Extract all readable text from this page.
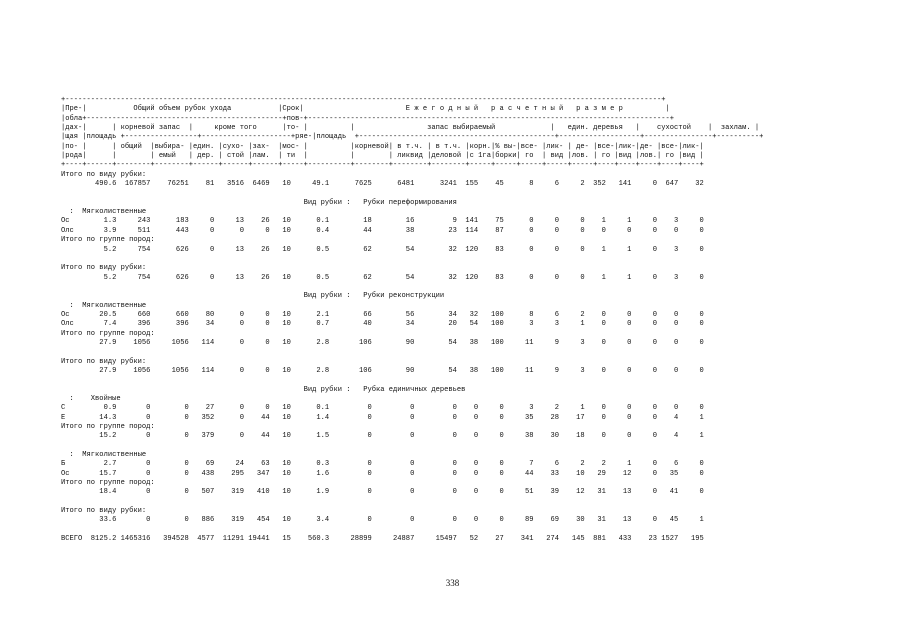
+--------------------------------------------------------------------------------------------------------------------------------------------+
|Пре-|           Общий объем рубок ухода           |Срок|                        Е ж е г о д н ы й   р а с ч е т н ы й   р а з м е р          |
|обла+----------------------------------------------+пов-+-------------------------------------------------------------------------------------+
|дах-|      | корневой запас  |     кроме того      |то- |          |                 запас выбираемый             |   един. деревья   |    сухостой    |  захлам. |
|щая |площадь +-----------------+---------------------+ряе-|площадь  +----------------------------------------------+-------------------+----------------+----------+
|по- |      | общий  |выбира- |един. |сухо- |зах-  |мос- |          |корневой| в т.ч. | в т.ч. |корн.|% вы-|все- |лик- | де- |все-|лик-|де- |все-|лик-|
|рода|      |        | емый   | дер. | стой |лам.  | ти  |          |        | ликвид |деловой |с 1га|борки| го  | вид |лов. | го |вид |лов.| го |вид |
+----+------+--------+--------+------+------+------+-----+----------+--------+--------+--------+-----+-----+-----+-----+-----+----+----+----+----+----+
Итого по виду рубки:
490.6  167857    76251    81   3516  6469   10     49.1      7625      6481      3241  155    45      8     6     2  352   141     0  647    32

Вид рубки :   Рубки переформирования
:  Мягколиственные
Ос        1.3     243      183     0     13    26   10      0.1        18        16         9  141    75      0     0     0    1     1     0    3     0
Олс       3.9     511      443     0      0     0   10      0.4        44        38        23  114    87      0     0     0    0     0     0    0     0
Итого по группе пород:
5.2     754      626     0     13    26   10      0.5        62        54        32  120    83      0     0     0    1     1     0    3     0

Итого по виду рубки:
5.2     754      626     0     13    26   10      0.5        62        54        32  120    83      0     0     0    1     1     0    3     0

Вид рубки :   Рубки реконструкции
:  Мягколиственные
Ос       20.5     660      660    80      0     0   10      2.1        66        56        34   32   100      8     6     2    0     0     0    0     0
Олс       7.4     396      396    34      0     0   10      0.7        40        34        20   54   100      3     3     1    0     0     0    0     0
Итого по группе пород:
27.9    1056     1056   114      0     0   10      2.8       106        90        54   38   100     11     9     3    0     0     0    0     0

Итого по виду рубки:
27.9    1056     1056   114      0     0   10      2.8       106        90        54   38   100     11     9     3    0     0     0    0     0

Вид рубки :   Рубка единичных деревьев
:    Хвойные
С         0.9       0        0    27      0     0   10      0.1         0         0         0    0     0      3     2     1    0     0     0    0     0
Е        14.3       0        0   352      0    44   10      1.4         0         0         0    0     0     35    28    17    0     0     0    4     1
Итого по группе пород:
15.2       0        0   379      0    44   10      1.5         0         0         0    0     0     38    30    18    0     0     0    4     1

:  Мягколиственные
Б         2.7       0        0    69     24    63   10      0.3         0         0         0    0     0      7     6     2    2     1     0    6     0
Ос       15.7       0        0   438    295   347   10      1.6         0         0         0    0     0     44    33    10   29    12     0   35     0
Итого по группе пород:
18.4       0        0   507    319   410   10      1.9         0         0         0    0     0     51    39    12   31    13     0   41     0

Итого по виду рубки:
33.6       0        0   886    319   454   10      3.4         0         0         0    0     0     89    69    30   31    13     0   45     1

ВСЕГО  8125.2 1465316   394528  4577  11291 19441   15    560.3     28899     24887     15497   52    27    341   274   145  881   433    23 1527   195
338
